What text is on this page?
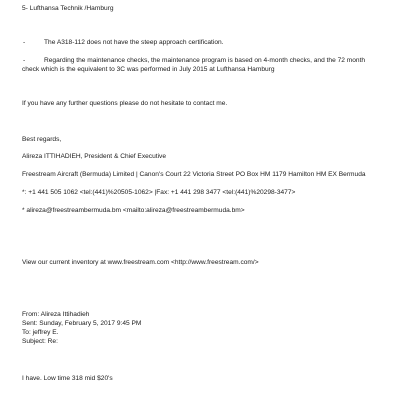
5- Lufthansa Technik /Hamburg
-	The A318-112 does not have the steep approach certification.
-	Regarding the maintenance checks, the maintenance program is based on 4-month checks, and the 72 month
check which is the equivalent to 3C was performed in July 2015 at Lufthansa Hamburg
If you have any further questions please do not hesitate to contact me.
Best regards,
Alireza ITTIHADIEH, President & Chief Executive
Freestream Aircraft (Bermuda) Limited | Canon's Court 22 Victoria Street PO Box HM 1179 Hamilton HM EX Bermuda
*: +1 441 505 1062 <tel:(441)%20505-1062> |Fax: +1 441 298 3477 <tel:(441)%20298-3477>
* alireza@freestreambermuda.bm <mailto:alireza@freestreambermuda.bm>
View our current inventory at www.freestream.com <http://www.freestream.com/>
From: Alireza Ittihadieh
Sent: Sunday, February 5, 2017 9:45 PM
To: jeffrey E.
Subject: Re:
I have. Low time 318 mid $20's
